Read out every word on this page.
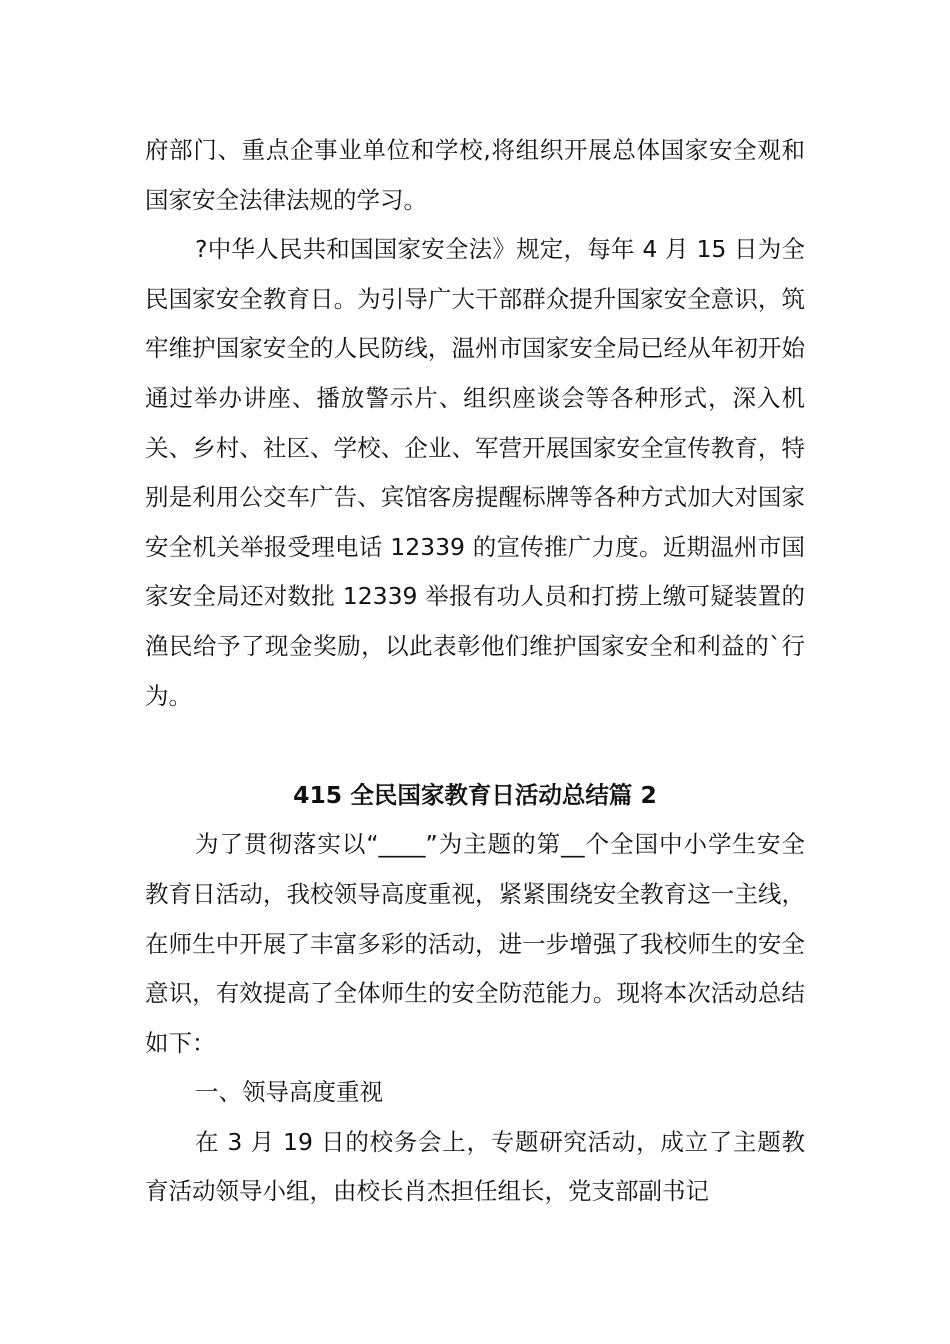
府部门、重点企事业单位和学校,将组织开展总体国家安全观和国家安全法律法规的学习。

?中华人民共和国国家安全法》规定，每年 4 月 15 日为全民国家安全教育日。为引导广大干部群众提升国家安全意识，筑牢维护国家安全的人民防线，温州市国家安全局已经从年初开始通过举办讲座、播放警示片、组织座谈会等各种形式，深入机关、乡村、社区、学校、企业、军营开展国家安全宣传教育，特别是利用公交车广告、宾馆客房提醒标牌等各种方式加大对国家安全机关举报受理电话 12339 的宣传推广力度。近期温州市国家安全局还对数批 12339 举报有功人员和打捞上缴可疑装置的渔民给予了现金奖励，以此表彰他们维护国家安全和利益的`行为。

415 全民国家教育日活动总结篇 2

为了贯彻落实以“____”为主题的第__个全国中小学生安全教育日活动，我校领导高度重视，紧紧围绕安全教育这一主线，在师生中开展了丰富多彩的活动，进一步增强了我校师生的安全意识，有效提高了全体师生的安全防范能力。现将本次活动总结如下：

一、领导高度重视

在 3 月 19 日的校务会上，专题研究活动，成立了主题教育活动领导小组，由校长肖杰担任组长，党支部副书记
